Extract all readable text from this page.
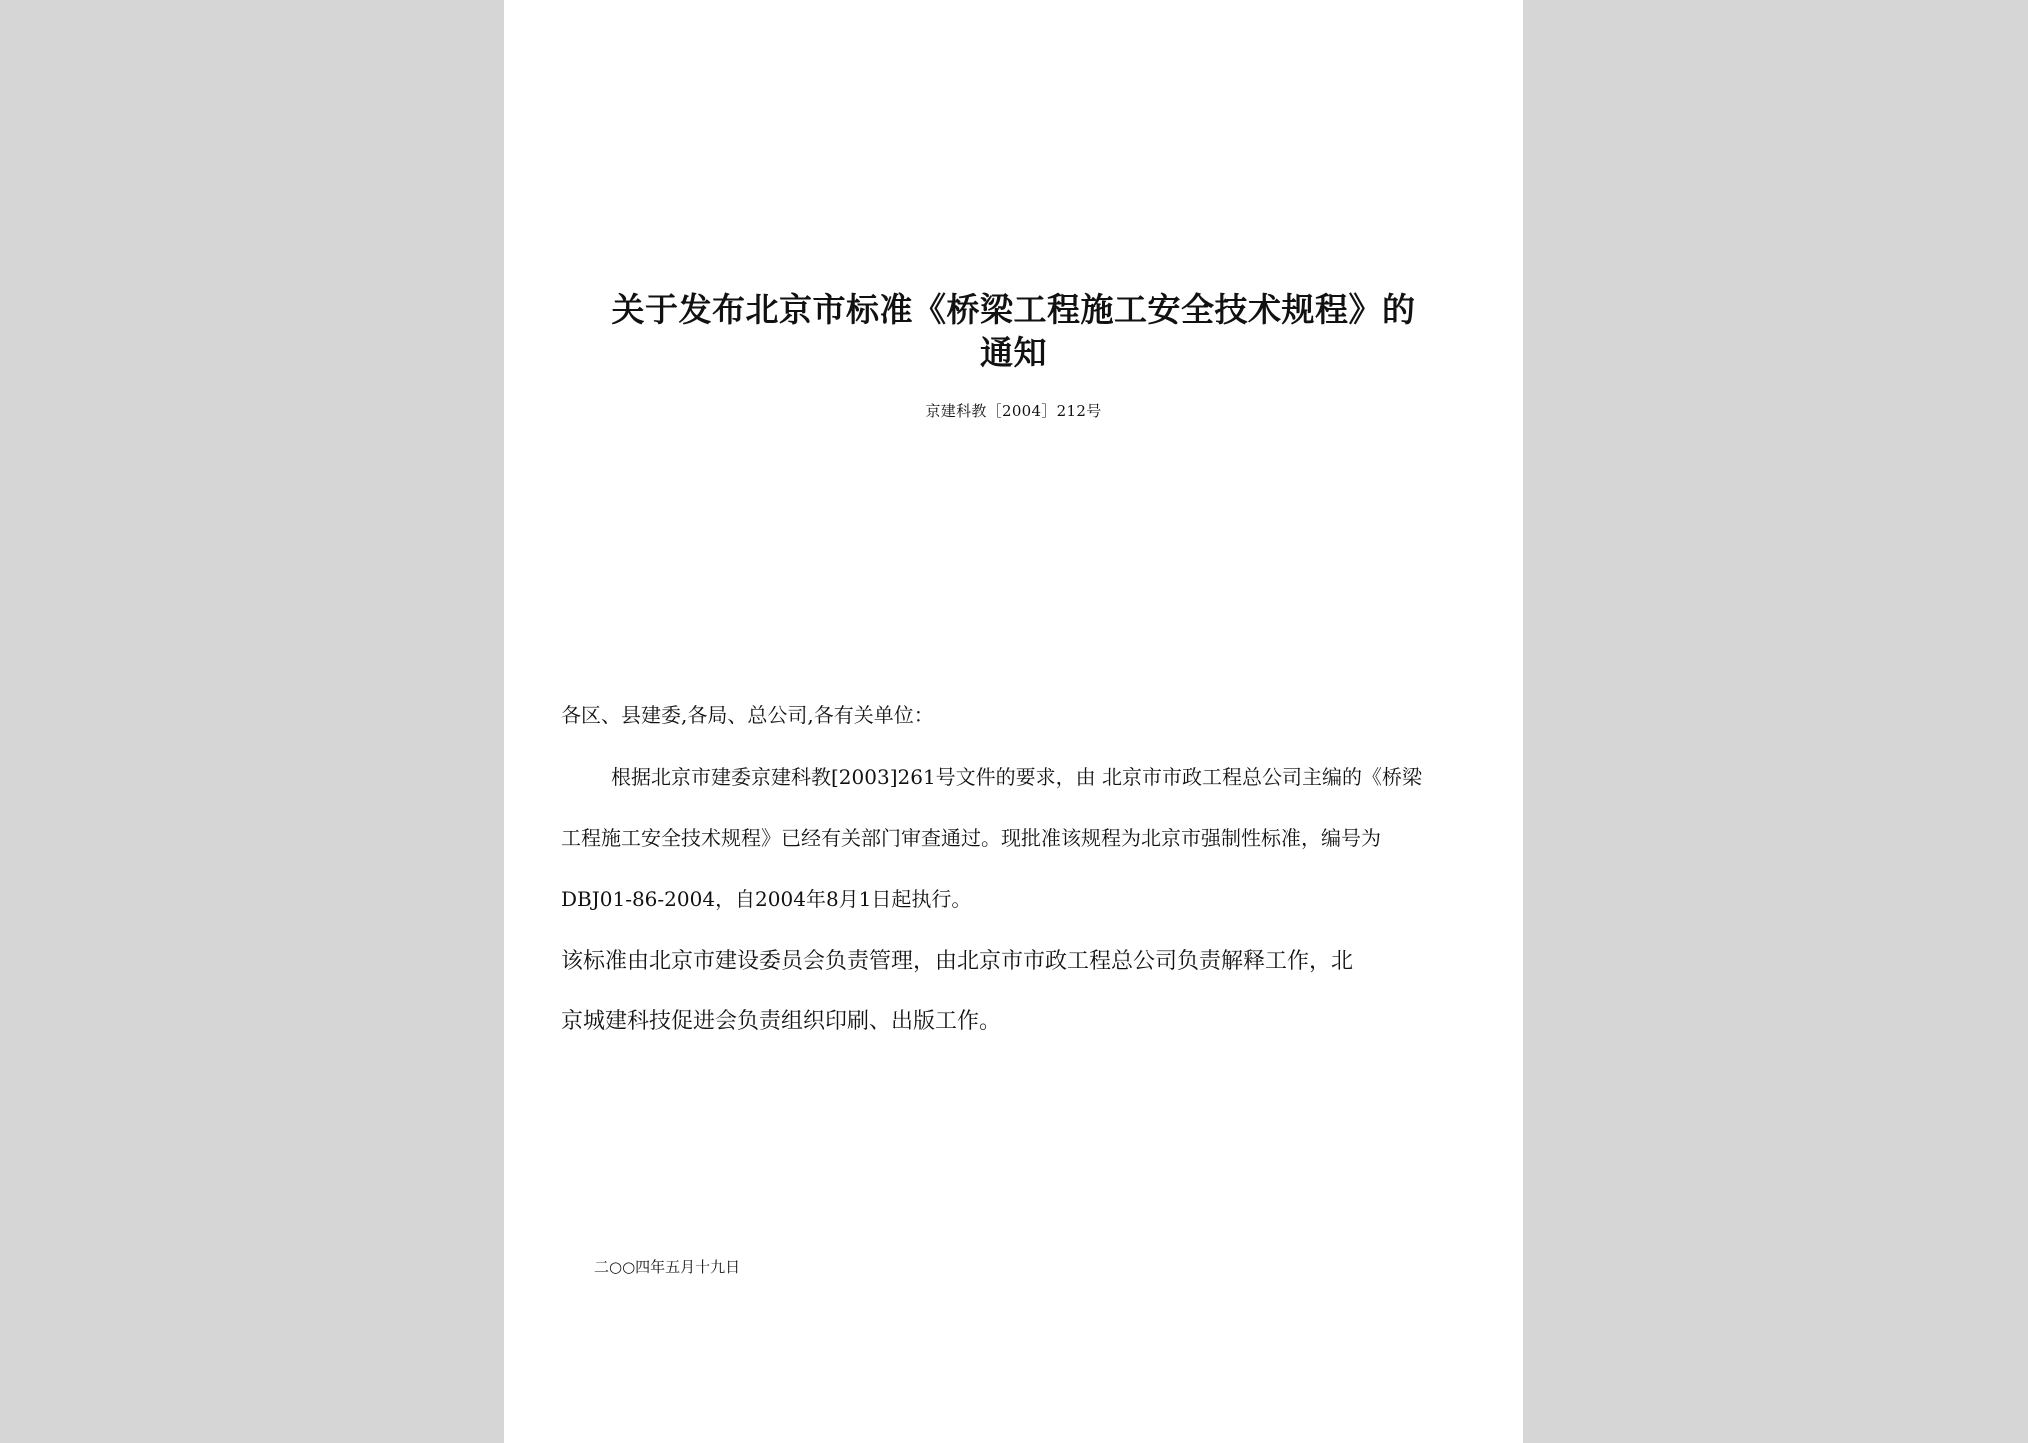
关于发布北京市标准《桥梁工程施工安全技术规程》的
通知
京建科教［2004］212号
各区、县建委,各局、总公司,各有关单位：
根据北京市建委京建科教[2003]261号文件的要求，由 北京市市政工程总公司主编的《桥梁
工程施工安全技术规程》已经有关部门审查通过。现批准该规程为北京市强制性标准，编号为
DBJ01-86-2004，自2004年8月1日起执行。
该标准由北京市建设委员会负责管理，由北京市市政工程总公司负责解释工作，北
京城建科技促进会负责组织印刷、出版工作。
二○○四年五月十九日
